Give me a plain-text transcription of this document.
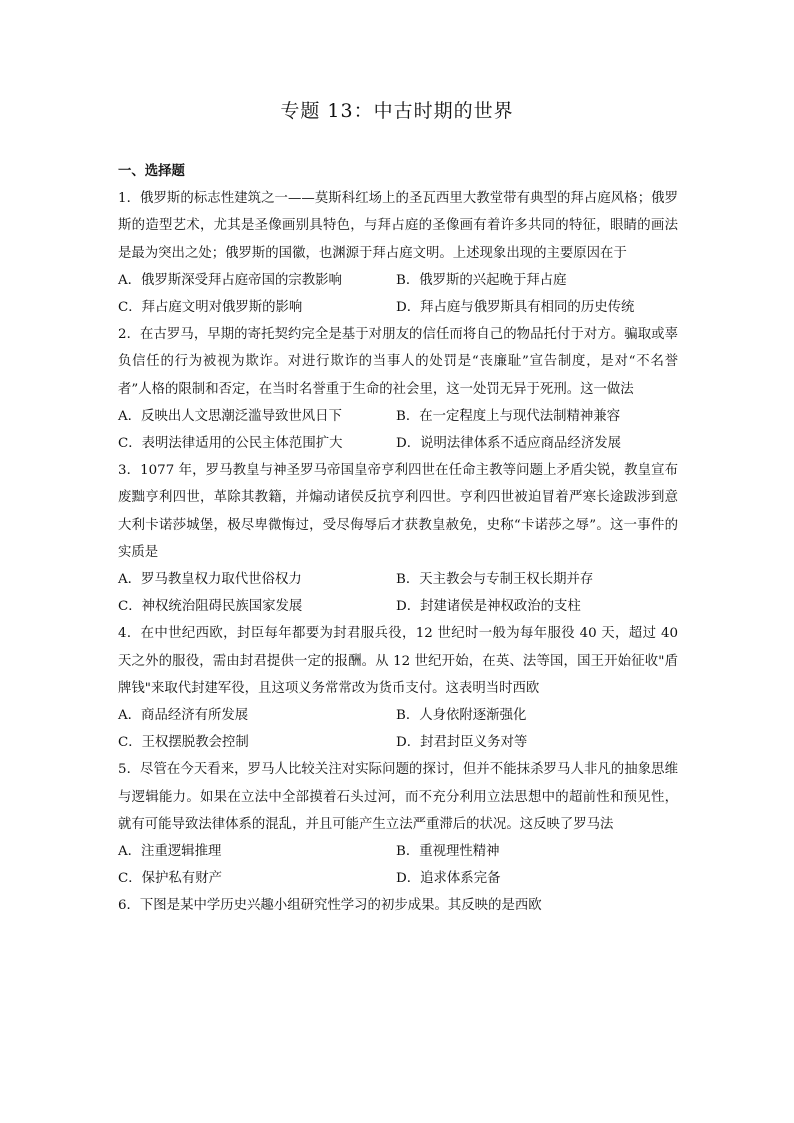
专题 13：中古时期的世界
一、选择题

1．俄罗斯的标志性建筑之一——莫斯科红场上的圣瓦西里大教堂带有典型的拜占庭风格；俄罗斯的造型艺术，尤其是圣像画别具特色，与拜占庭的圣像画有着许多共同的特征，眼睛的画法是最为突出之处；俄罗斯的国徽，也渊源于拜占庭文明。上述现象出现的主要原因在于

A．俄罗斯深受拜占庭帝国的宗教影响	B．俄罗斯的兴起晚于拜占庭
C．拜占庭文明对俄罗斯的影响	D．拜占庭与俄罗斯具有相同的历史传统

2．在古罗马，早期的寄托契约完全是基于对朋友的信任而将自己的物品托付于对方。骗取或辜负信任的行为被视为欺诈。对进行欺诈的当事人的处罚是“丧廉耻”宣告制度，是对“不名誉者”人格的限制和否定，在当时名誉重于生命的社会里，这一处罚无异于死刑。这一做法

A．反映出人文思潮泛滥导致世风日下	B．在一定程度上与现代法制精神兼容
C．表明法律适用的公民主体范围扩大	D．说明法律体系不适应商品经济发展

3．1077 年，罗马教皇与神圣罗马帝国皇帝亨利四世在任命主教等问题上矛盾尖锐，教皇宣布废黜亨利四世，革除其教籍，并煽动诸侯反抗亨利四世。亨利四世被迫冒着严寒长途跋涉到意大利卡诺莎城堡，极尽卑微悔过，受尽侮辱后才获教皇赦免，史称“卡诺莎之辱”。这一事件的实质是

A．罗马教皇权力取代世俗权力	B．天主教会与专制王权长期并存
C．神权统治阻碍民族国家发展	D．封建诸侯是神权政治的支柱

4．在中世纪西欧，封臣每年都要为封君服兵役，12 世纪时一般为每年服役 40 天，超过 40 天之外的服役，需由封君提供一定的报酬。从 12 世纪开始，在英、法等国，国王开始征收"盾牌钱"来取代封建军役，且这项义务常常改为货币支付。这表明当时西欧

A．商品经济有所发展	B．人身依附逐渐强化
C．王权摆脱教会控制	D．封君封臣义务对等

5．尽管在今天看来，罗马人比较关注对实际问题的探讨，但并不能抹杀罗马人非凡的抽象思维与逻辑能力。如果在立法中全部摸着石头过河，而不充分利用立法思想中的超前性和预见性，就有可能导致法律体系的混乱，并且可能产生立法严重滞后的状况。这反映了罗马法

A．注重逻辑推理	B．重视理性精神
C．保护私有财产	D．追求体系完备

6．下图是某中学历史兴趣小组研究性学习的初步成果。其反映的是西欧
